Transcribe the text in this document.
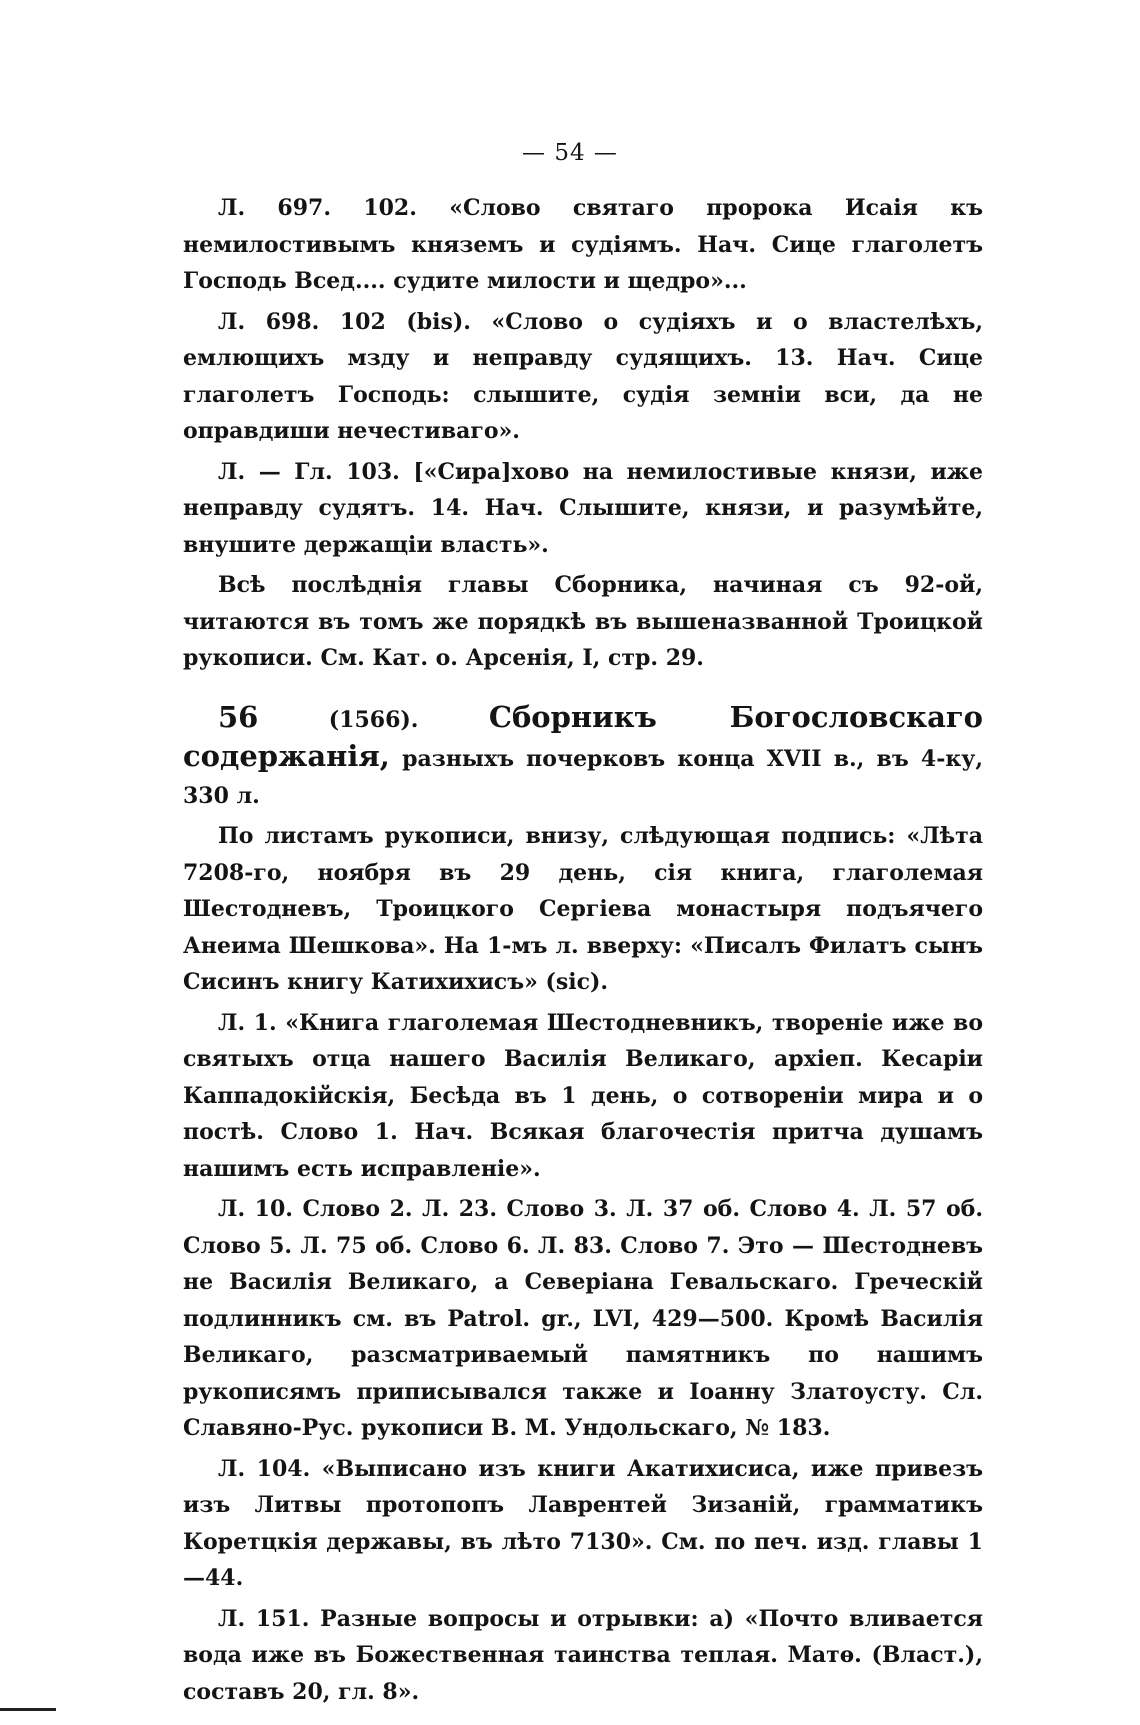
— 54 —

Л. 697. 102. «Слово святаго пророка Исаія къ немилостивымъ княземъ и судіямъ. Нач. Сице глаголетъ Господь Всед.... судите милости и щедро»...

Л. 698. 102 (bis). «Слово о судіяхъ и о властелѣхъ, емлющихъ мзду и неправду судящихъ. 13. Нач. Сице глаголетъ Господь: слышите, судія земніи вси, да не оправдиши нечестиваго».

Л. — Гл. 103. [«Сира]хово на немилостивые князи, иже неправду судятъ. 14. Нач. Слышите, князи, и разумѣйте, внушите держащіи власть».

Всѣ послѣднія главы Сборника, начиная съ 92-ой, читаются въ томъ же порядкѣ въ вышеназванной Троицкой рукописи. См. Кат. о. Арсенія, I, стр. 29.

56	(1566). Сборникъ Богословскаго содержанія, разныхъ почерковъ конца XVII в., въ 4-ку, 330 л.

По листамъ рукописи, внизу, слѣдующая подпись: «Лѣта 7208-го, ноября въ 29 день, сія книга, глаголемая Шестодневъ, Троицкого Сергіева монастыря подъячего Анеима Шешкова». На 1-мъ л. вверху: «Писалъ Филатъ сынъ Сисинъ книгу Катихихисъ» (sic).

Л. 1. «Книга глаголемая Шестодневникъ, твореніе иже во святыхъ отца нашего Василія Великаго, архіеп. Кесаріи Каппадокійскія, Бесѣда въ 1 день, о сотвореніи мира и о постѣ. Слово 1. Нач. Всякая благочестія притча душамъ нашимъ есть исправленіе».

Л. 10. Слово 2. Л. 23. Слово 3. Л. 37 об. Слово 4. Л. 57 об. Слово 5. Л. 75 об. Слово 6. Л. 83. Слово 7. Это — Шестодневъ не Василія Великаго, а Северіана Гевальскаго. Греческій подлинникъ см. въ Patrol. gr., LVI, 429—500. Кромѣ Василія Великаго, разсматриваемый памятникъ по нашимъ рукописямъ приписывался также и Іоанну Златоусту. Сл. Славяно-Рус. рукописи В. М. Ундольскаго, № 183.

Л. 104. «Выписано изъ книги Акатихисиса, иже привезъ изъ Литвы протопопъ Лаврентей Зизаній, грамматикъ Коретцкія державы, въ лѣто 7130». См. по печ. изд. главы 1—44.

Л. 151. Разные вопросы и отрывки: а) «Почто вливается вода иже въ Божественная таинства теплая. Матѳ. (Власт.), составъ 20, гл. 8».
